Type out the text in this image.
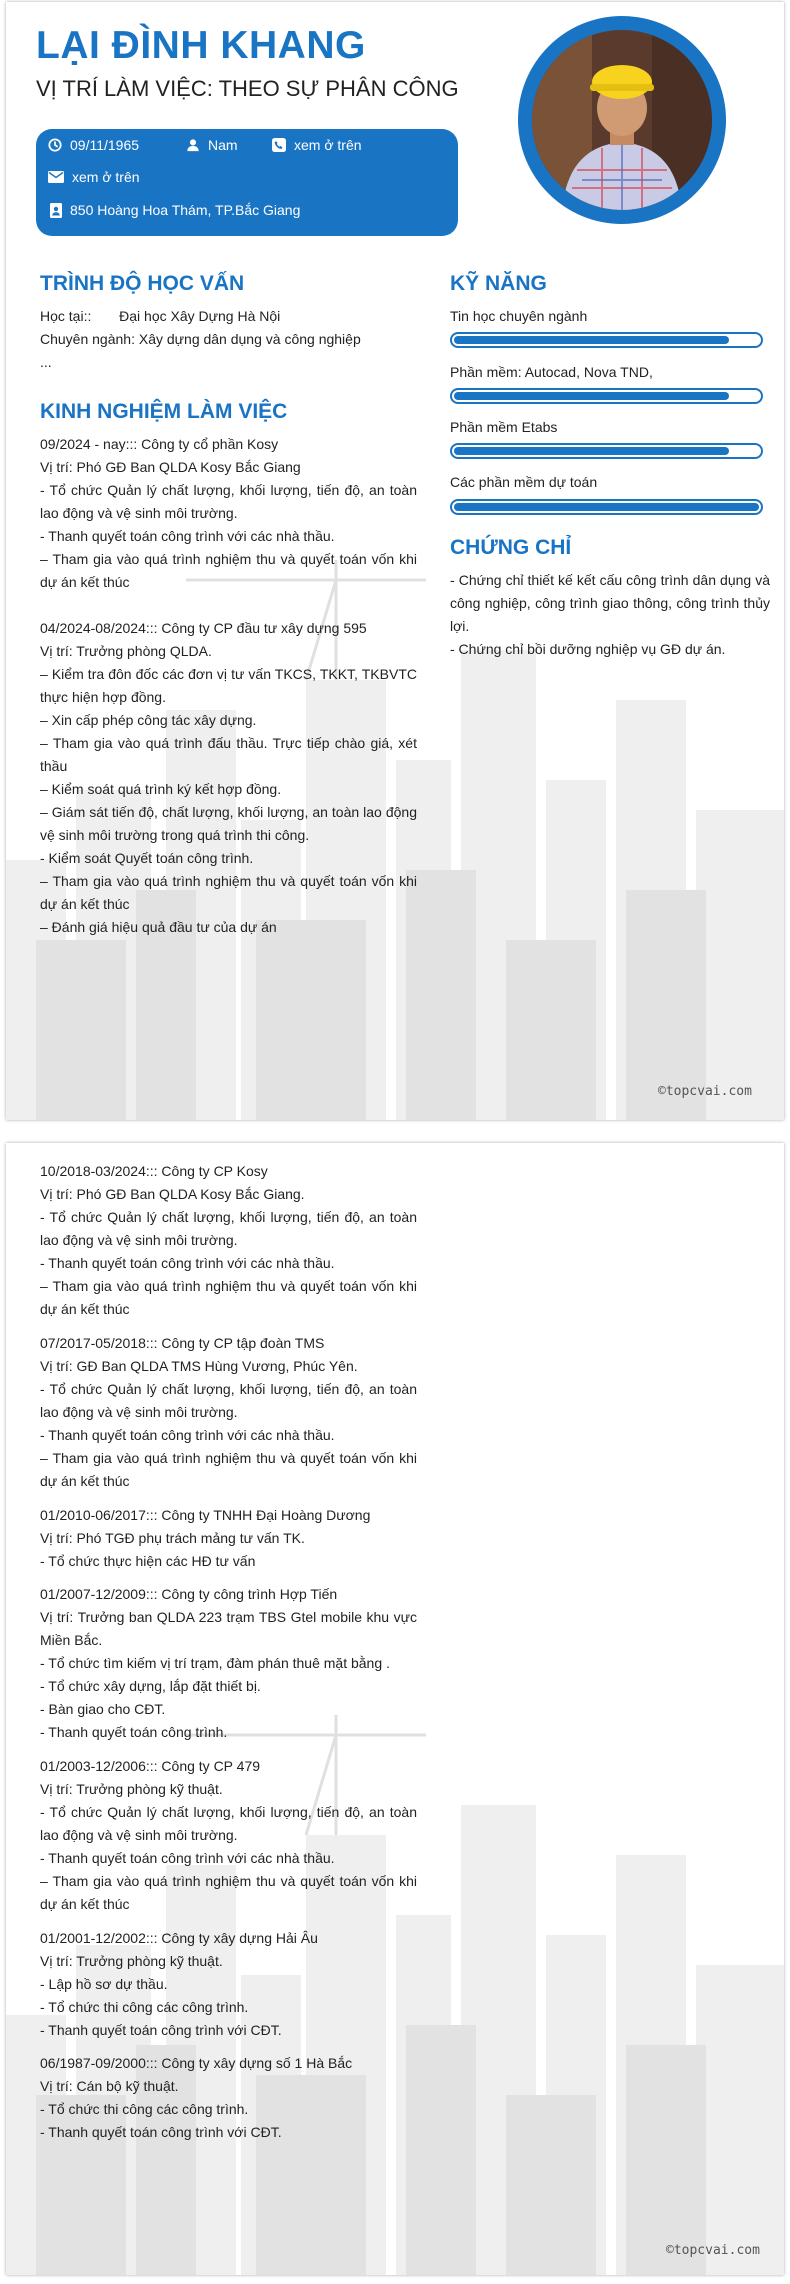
LẠI ĐÌNH KHANG
VỊ TRÍ LÀM VIỆC: THEO SỰ PHÂN CÔNG
09/11/1965	Nam	xem ở trên
xem ở trên
850 Hoàng Hoa Thám, TP.Bắc Giang
TRÌNH ĐỘ HỌC VẤN
Học tại:: Đại học Xây Dựng Hà Nội
Chuyên ngành: Xây dựng dân dụng và công nghiệp
...
KINH NGHIỆM LÀM VIỆC
09/2024 - nay::: Công ty cổ phần Kosy
Vị trí: Phó GĐ Ban QLDA Kosy Bắc Giang
- Tổ chức Quản lý chất lượng, khối lượng, tiến độ, an toàn lao động và vệ sinh môi trường.
- Thanh quyết toán công trình với các nhà thầu.
– Tham gia vào quá trình nghiệm thu và quyết toán vốn khi dự án kết thúc
04/2024-08/2024::: Công ty CP đầu tư xây dựng 595
Vị trí: Trưởng phòng QLDA.
– Kiểm tra đôn đốc các đơn vị tư vấn TKCS, TKKT, TKBVTC thực hiện hợp đồng.
– Xin cấp phép công tác xây dựng.
– Tham gia vào quá trình đấu thầu. Trực tiếp chào giá, xét thầu
– Kiểm soát quá trình ký kết hợp đồng.
– Giám sát tiến độ, chất lượng, khối lượng, an toàn lao động vệ sinh môi trường trong quá trình thi công.
- Kiểm soát Quyết toán công trình.
– Tham gia vào quá trình nghiệm thu và quyết toán vốn khi dự án kết thúc
– Đánh giá hiệu quả đầu tư của dự án
KỸ NĂNG
Tin học chuyên ngành
Phần mềm: Autocad, Nova TND,
Phần mềm Etabs
Các phần mềm dự toán
CHỨNG CHỈ
- Chứng chỉ thiết kế kết cấu công trình dân dụng và công nghiệp, công trình giao thông, công trình thủy lợi.
- Chứng chỉ bồi dưỡng nghiệp vụ GĐ dự án.
©topcvai.com
10/2018-03/2024::: Công ty CP Kosy
Vị trí: Phó GĐ Ban QLDA Kosy Bắc Giang.
- Tổ chức Quản lý chất lượng, khối lượng, tiến độ, an toàn lao động và vệ sinh môi trường.
- Thanh quyết toán công trình với các nhà thầu.
– Tham gia vào quá trình nghiệm thu và quyết toán vốn khi dự án kết thúc
07/2017-05/2018::: Công ty CP tập đoàn TMS
Vị trí: GĐ Ban QLDA TMS Hùng Vương, Phúc Yên.
- Tổ chức Quản lý chất lượng, khối lượng, tiến độ, an toàn lao động và vệ sinh môi trường.
- Thanh quyết toán công trình với các nhà thầu.
– Tham gia vào quá trình nghiệm thu và quyết toán vốn khi dự án kết thúc
01/2010-06/2017::: Công ty TNHH Đại Hoàng Dương
Vị trí: Phó TGĐ phụ trách mảng tư vấn TK.
- Tổ chức thực hiện các HĐ tư vấn
01/2007-12/2009::: Công ty công trình Hợp Tiến
Vị trí: Trưởng ban QLDA 223 trạm TBS Gtel mobile khu vực Miền Bắc.
- Tổ chức tìm kiếm vị trí trạm, đàm phán thuê mặt bằng .
- Tổ chức xây dựng, lắp đặt thiết bị.
- Bàn giao cho CĐT.
- Thanh quyết toán công trình.
01/2003-12/2006::: Công ty CP 479
Vị trí: Trưởng phòng kỹ thuật.
- Tổ chức Quản lý chất lượng, khối lượng, tiến độ, an toàn lao động và vệ sinh môi trường.
- Thanh quyết toán công trình với các nhà thầu.
– Tham gia vào quá trình nghiệm thu và quyết toán vốn khi dự án kết thúc
01/2001-12/2002::: Công ty xây dựng Hải Âu
Vị trí: Trưởng phòng kỹ thuật.
- Lập hồ sơ dự thầu.
- Tổ chức thi công các công trình.
- Thanh quyết toán công trình với CĐT.
06/1987-09/2000::: Công ty xây dựng số 1 Hà Bắc
Vị trí: Cán bộ kỹ thuật.
- Tổ chức thi công các công trình.
- Thanh quyết toán công trình với CĐT.
©topcvai.com
